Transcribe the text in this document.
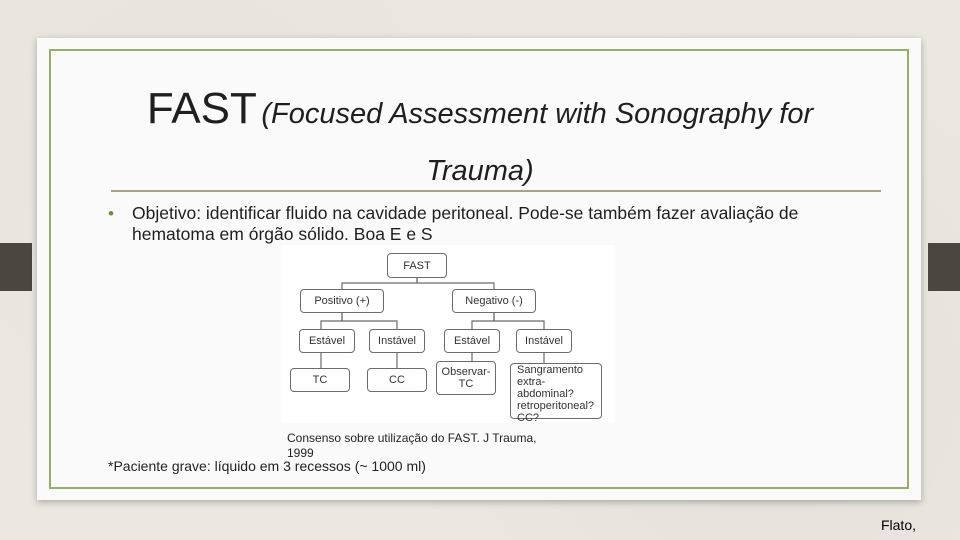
FAST (Focused Assessment with Sonography for Trauma)
•	Objetivo: identificar fluido na cavidade peritoneal. Pode-se também fazer avaliação de hematoma em órgão sólido. Boa E e S
FAST
Positivo (+)	Negativo (-)
Estável	Instável	Estável	Instável
TC	CC
Observar-
TC
Sangramento
extra-abdominal?
retroperitoneal?
CC?
Consenso sobre utilização do FAST. J Trauma, 1999
*Paciente grave: líquido em 3 recessos (~ 1000 ml)
Flato,
